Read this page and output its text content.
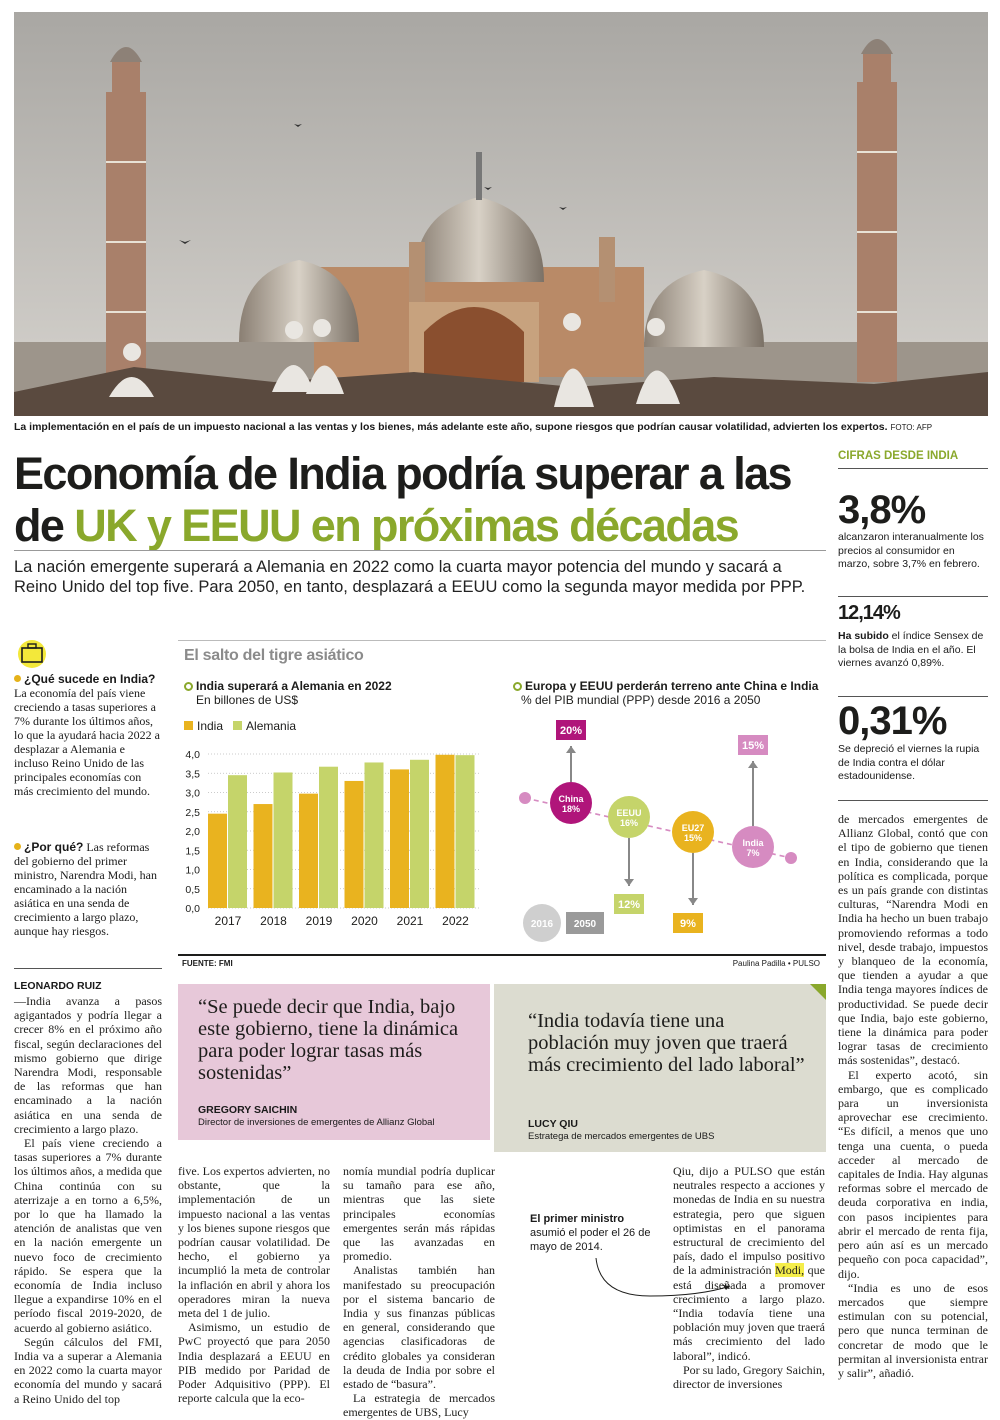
La implementación en el país de un impuesto nacional a las ventas y los bienes, más adelante este año, supone riesgos que podrían causar volatilidad, advierten los expertos. FOTO: AFP
Economía de India podría superar a las
de UK y EEUU en próximas décadas
La nación emergente superará a Alemania en 2022 como la cuarta mayor potencia del mundo y sacará a Reino Unido del top five. Para 2050, en tanto, desplazará a EEUU como la segunda mayor medida por PPP.
CIFRAS DESDE INDIA
3,8%
alcanzaron interanualmente los precios al consumidor en marzo, sobre 3,7% en febrero.
12,14%
Ha subido el índice Sensex de la bolsa de India en el año. El viernes avanzó 0,89%.
0,31%
Se depreció el viernes la rupia de India contra el dólar estadounidense.
¿Qué sucede en India?
La economía del país viene creciendo a tasas superiores a 7% durante los últimos años, lo que la ayudará hacia 2022 a desplazar a Alemania e incluso Reino Unido de las principales economías con más crecimiento del mundo.
¿Por qué? Las reformas del gobierno del primer ministro, Narendra Modi, han encaminado a la nación asiática en una senda de crecimiento a largo plazo, aunque hay riesgos.
LEONARDO RUIZ

—India avanza a pasos agigantados y podría llegar a crecer 8% en el próximo año fiscal, según declaraciones del mismo gobierno que dirige Narendra Modi, responsable de las reformas que han encaminado a la nación asiática en una senda de crecimiento a largo plazo.

El país viene creciendo a tasas superiores a 7% durante los últimos años, a medida que China continúa con su aterrizaje a en torno a 6,5%, por lo que ha llamado la atención de analistas que ven en la nación emergente un nuevo foco de crecimiento rápido. Se espera que la economía de India incluso llegue a expandirse 10% en el período fiscal 2019-2020, de acuerdo al gobierno asiático.

Según cálculos del FMI, India va a superar a Alemania en 2022 como la cuarta mayor economía del mundo y sacará a Reino Unido del top

El salto del tigre asiático
India superará a Alemania en 2022
En billones de US$
India Alemania
0,0
0,5
1,0
1,5
2,0
2,5
3,0
3,5
4,0
2017 2018 2019 2020 2021 2022
Europa y EEUU perderán terreno ante China e India
% del PIB mundial (PPP) desde 2016 a 2050
China
18%
20%
EEUU
16%
12%
EU27
15%
9%
India
7%
15%
2016 2050
FUENTE: FMI	Paulina Padilla • PULSO
“Se puede decir que India, bajo este gobierno, tiene la dinámica para poder lograr tasas más sostenidas”
GREGORY SAICHIN
Director de inversiones de emergentes de Allianz Global
“India todavía tiene una población muy joven que traerá más crecimiento del lado laboral”
LUCY QIU
Estratega de mercados emergentes de UBS

five. Los expertos advierten, no obstante, que la implementación de un impuesto nacional a las ventas y los bienes supone riesgos que podrían causar volatilidad. De hecho, el gobierno ya incumplió la meta de controlar la inflación en abril y ahora los operadores miran la nueva meta del 1 de julio.

Asimismo, un estudio de PwC proyectó que para 2050 India desplazará a EEUU en PIB medido por Paridad de Poder Adquisitivo (PPP). El reporte calcula que la eco-

nomía mundial podría duplicar su tamaño para ese año, mientras que las siete principales economías emergentes serán más rápidas que las avanzadas en promedio.

Analistas también han manifestado su preocupación por el sistema bancario de India y sus finanzas públicas en general, considerando que agencias clasificadoras de crédito globales ya consideran la deuda de India por sobre el estado de “basura”.

La estrategia de mercados emergentes de UBS, Lucy

El primer ministro asumió el poder el 26 de mayo de 2014.

Qiu, dijo a PULSO que están neutrales respecto a acciones y monedas de India en su nuestra estrategia, pero que siguen optimistas en el panorama estructural de crecimiento del país, dado el impulso positivo de la administración Modi, que está diseñada a promover crecimiento a largo plazo. “India todavía tiene una población muy joven que traerá más crecimiento del lado laboral”, indicó.

Por su lado, Gregory Saichin, director de inversiones

de mercados emergentes de Allianz Global, contó que con el tipo de gobierno que tienen en India, considerando que la política es complicada, porque es un país grande con distintas culturas, “Narendra Modi en India ha hecho un buen trabajo promoviendo reformas a todo nivel, desde trabajo, impuestos y blanqueo de la economía, que tienden a ayudar a que India tenga mayores índices de productividad. Se puede decir que India, bajo este gobierno, tiene la dinámica para poder lograr tasas de crecimiento más sostenidas”, destacó.

El experto acotó, sin embargo, que es complicado para un inversionista aprovechar ese crecimiento. “Es difícil, a menos que uno tenga una cuenta, o pueda acceder al mercado de capitales de India. Hay algunas reformas sobre el mercado de deuda corporativa en india, con pasos incipientes para abrir el mercado de renta fija, pero aún así es un mercado pequeño con poca capacidad”, dijo.

“India es uno de esos mercados que siempre estimulan con su potencial, pero que nunca terminan de concretar de modo que le permitan al inversionista entrar y salir”, añadió.
